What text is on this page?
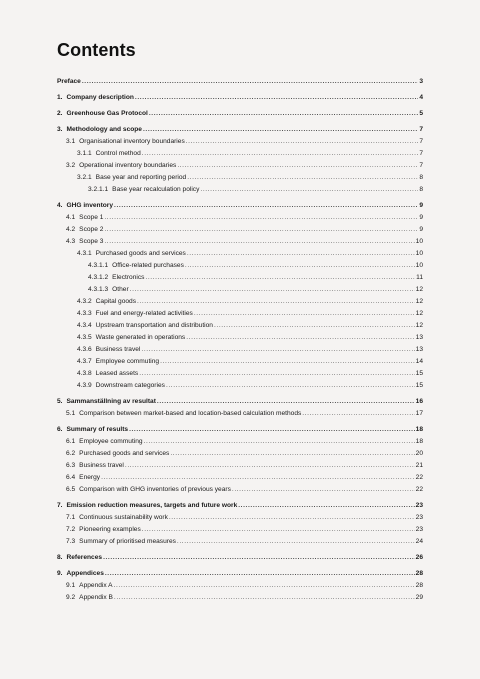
Contents
Preface .....	3
1. Company description .....	4
2. Greenhouse Gas Protocol .....	5
3. Methodology and scope .....	7
3.1 Organisational inventory boundaries .....	7
3.1.1 Control method .....	7
3.2 Operational inventory boundaries .....	7
3.2.1 Base year and reporting period .....	8
3.2.1.1 Base year recalculation policy .....	8
4. GHG inventory .....	9
4.1 Scope 1 .....	9
4.2 Scope 2 .....	9
4.3 Scope 3 .....	10
4.3.1 Purchased goods and services .....	10
4.3.1.1 Office-related purchases .....	10
4.3.1.2 Electronics .....	11
4.3.1.3 Other .....	12
4.3.2 Capital goods .....	12
4.3.3 Fuel and energy-related activities .....	12
4.3.4 Upstream transportation and distribution .....	12
4.3.5 Waste generated in operations .....	13
4.3.6 Business travel .....	13
4.3.7 Employee commuting .....	14
4.3.8 Leased assets .....	15
4.3.9 Downstream categories .....	15
5. Sammanställning av resultat .....	16
5.1 Comparison between market-based and location-based calculation methods .....	17
6. Summary of results .....	18
6.1 Employee commuting .....	18
6.2 Purchased goods and services .....	20
6.3 Business travel .....	21
6.4 Energy .....	22
6.5 Comparison with GHG inventories of previous years .....	22
7. Emission reduction measures, targets and future work .....	23
7.1 Continuous sustainability work .....	23
7.2 Pioneering examples .....	23
7.3 Summary of prioritised measures .....	24
8. References .....	26
9. Appendices .....	28
9.1 Appendix A .....	28
9.2 Appendix B .....	29
